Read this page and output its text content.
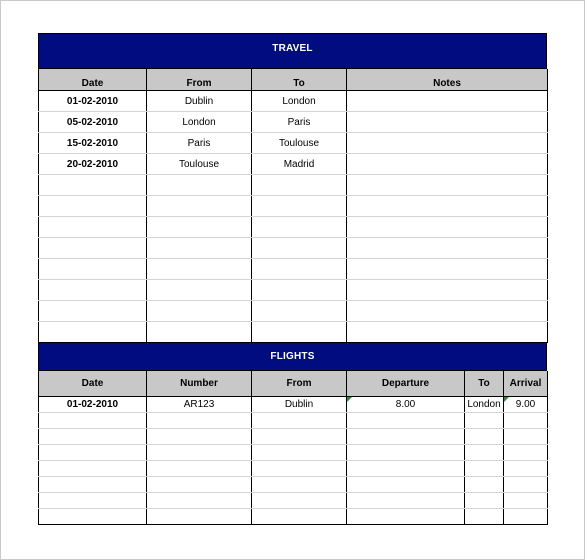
TRAVEL
Date	From	To	Notes
01-02-2010	Dublin	London	
05-02-2010	London	Paris	
15-02-2010	Paris	Toulouse	
20-02-2010	Toulouse	Madrid	

FLIGHTS
Date	Number	From	Departure	To	Arrival
01-02-2010	AR123	Dublin	8.00	London	9.00
